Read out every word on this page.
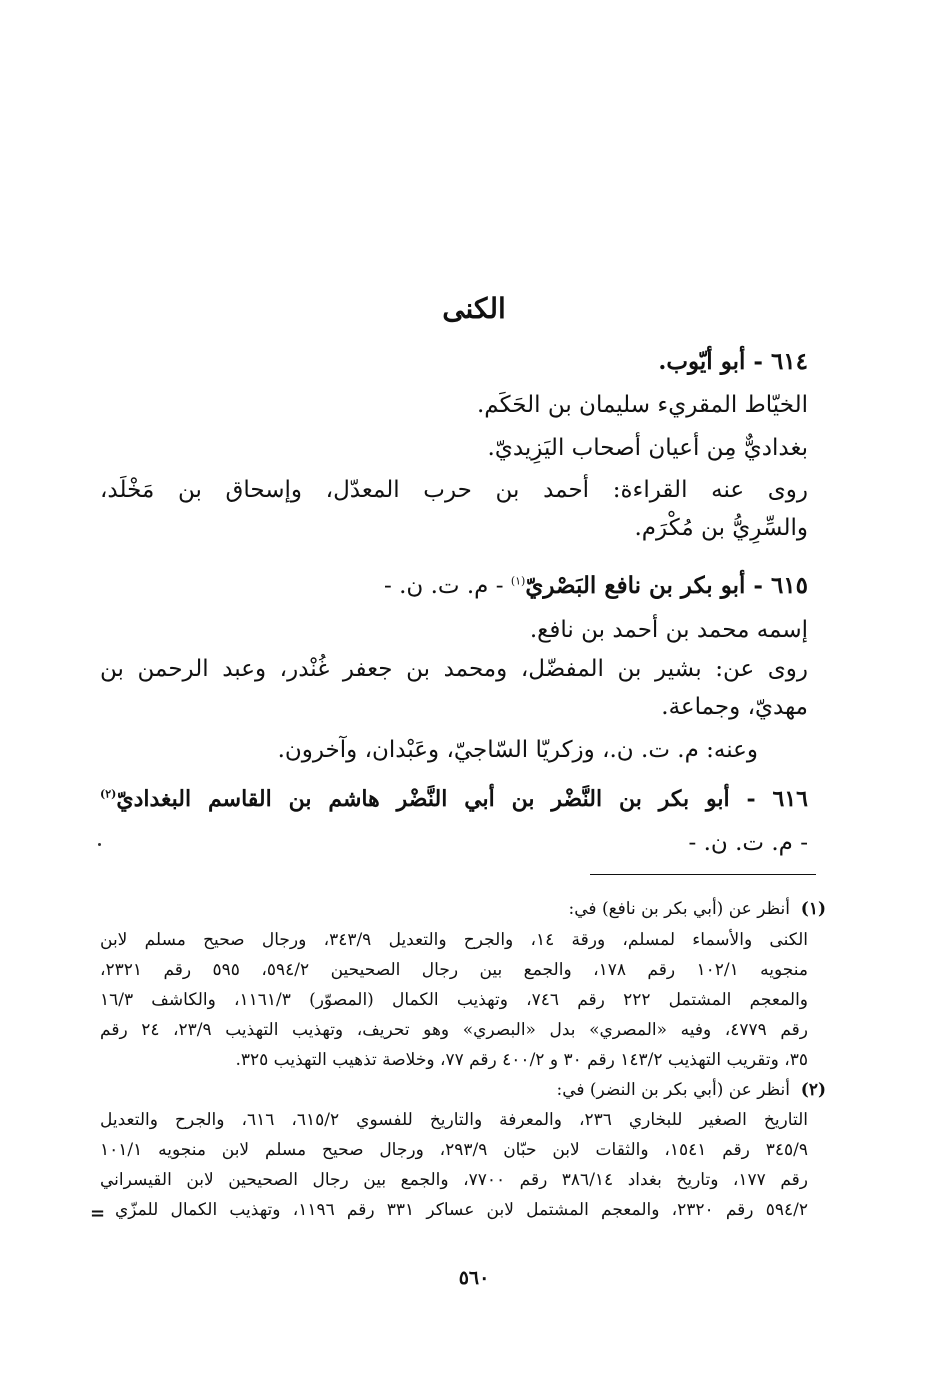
الكنى
٦١٤ - أبو أيّوب.
الخيّاط المقريء سليمان بن الحَكَم.
بغداديٌّ مِن أعيان أصحاب اليَزِيديّ.
روى عنه القراءة: أحمد بن حرب المعدّل، وإسحاق بن مَخْلَد،
والسِّرِيُّ بن مُكْرَم.
٦١٥ - أبو بكر بن نافع البَصْريّ$^{(١)}$ - م. ت. ن. -
إسمه محمد بن أحمد بن نافع.
روى عن: بشير بن المفضّل، ومحمد بن جعفر غُنْدر، وعبد الرحمن بن
مهديّ، وجماعة.
وعنه: م. ت. ن.، وزكريّا السّاجيّ، وعَبْدان، وآخرون.
٦١٦ - أبو بكر بن النَّضْر بن أبي النَّضْر هاشم بن القاسم البغداديّ$^{(٢)}$
- م. ت. ن. -
(١)
أنظر عن (أبي بكر بن نافع) في:
الكنى والأسماء لمسلم، ورقة ١٤، والجرح والتعديل ٣٤٣/٩، ورجال صحيح مسلم لابن
منجويه ١٠٢/١ رقم ١٧٨، والجمع بين رجال الصحيحين ٥٩٤/٢، ٥٩٥ رقم ٢٣٢١،
والمعجم المشتمل ٢٢٢ رقم ٧٤٦، وتهذيب الكمال (المصوّر) ١١٦١/٣، والكاشف ١٦/٣
رقم ٤٧٧٩، وفيه «المصري» بدل «البصري» وهو تحريف، وتهذيب التهذيب ٢٣/٩، ٢٤ رقم
٣٥، وتقريب التهذيب ١٤٣/٢ رقم ٣٠ و ٤٠٠/٢ رقم ٧٧، وخلاصة تذهيب التهذيب ٣٢٥.
(٢)
أنظر عن (أبي بكر بن النضر) في:
التاريخ الصغير للبخاري ٢٣٦، والمعرفة والتاريخ للفسوي ٦١٥/٢، ٦١٦، والجرح والتعديل
٣٤٥/٩ رقم ١٥٤١، والثقات لابن حبّان ٢٩٣/٩، ورجال صحيح مسلم لابن منجويه ١٠١/١
رقم ١٧٧، وتاريخ بغداد ٣٨٦/١٤ رقم ٧٧٠٠، والجمع بين رجال الصحيحين لابن القيسراني
٥٩٤/٢ رقم ٢٣٢٠، والمعجم المشتمل لابن عساكر ٣٣١ رقم ١١٩٦، وتهذيب الكمال للمزّي
=
٥٦٠
